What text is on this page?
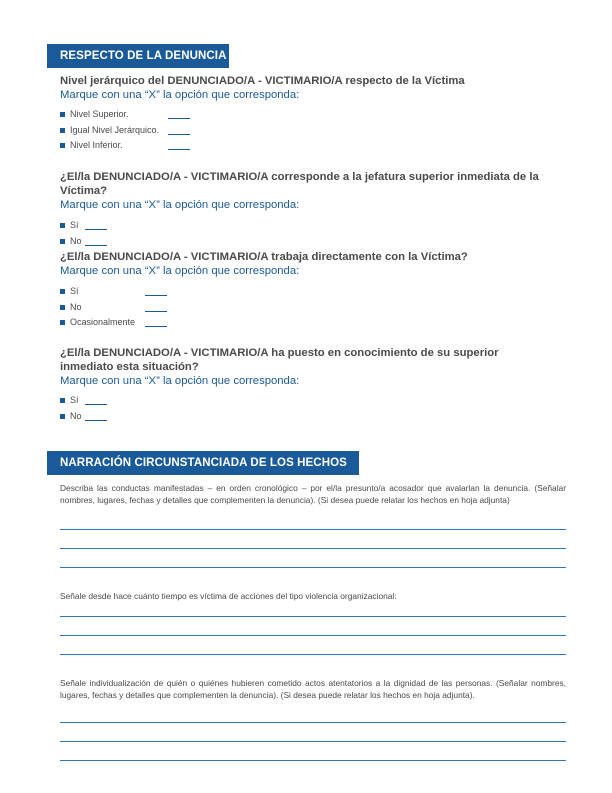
RESPECTO DE LA DENUNCIA
Nivel jerárquico del DENUNCIADO/A - VICTIMARIO/A respecto de la Víctima
Marque con una “X” la opción que corresponda:
Nivel Superior.
Igual Nivel Jerárquico.
Nivel Inferior.
¿El/la DENUNCIADO/A - VICTIMARIO/A corresponde a la jefatura superior inmediata de la Víctima?
Marque con una “X” la opción que corresponda:
Sí
No
¿El/la DENUNCIADO/A - VICTIMARIO/A trabaja directamente con la Víctima?
Marque con una “X” la opción que corresponda:
Sí
No
Ocasionalmente
¿El/la DENUNCIADO/A - VICTIMARIO/A ha puesto en conocimiento de su superior inmediato esta situación?
Marque con una “X” la opción que corresponda:
Sí
No
NARRACIÓN CIRCUNSTANCIADA DE LOS HECHOS
Describa las conductas manifestadas – en orden cronológico – por el/la presunto/a acosador que avalarlan la denuncia. (Señalar nombres, lugares, fechas y detalles que complementen la denuncia). (Si desea puede relatar los hechos en hoja adjunta)
Señale desde hace cuánto tiempo es víctima de acciones del tipo violencia organizacional:
Señale individualización de quién o quiénes hubieren cometido actos atentatorios a la dignidad de las personas. (Señalar nombres, lugares, fechas y detalles que complementen la denuncia). (Si desea puede relatar los hechos en hoja adjunta).
